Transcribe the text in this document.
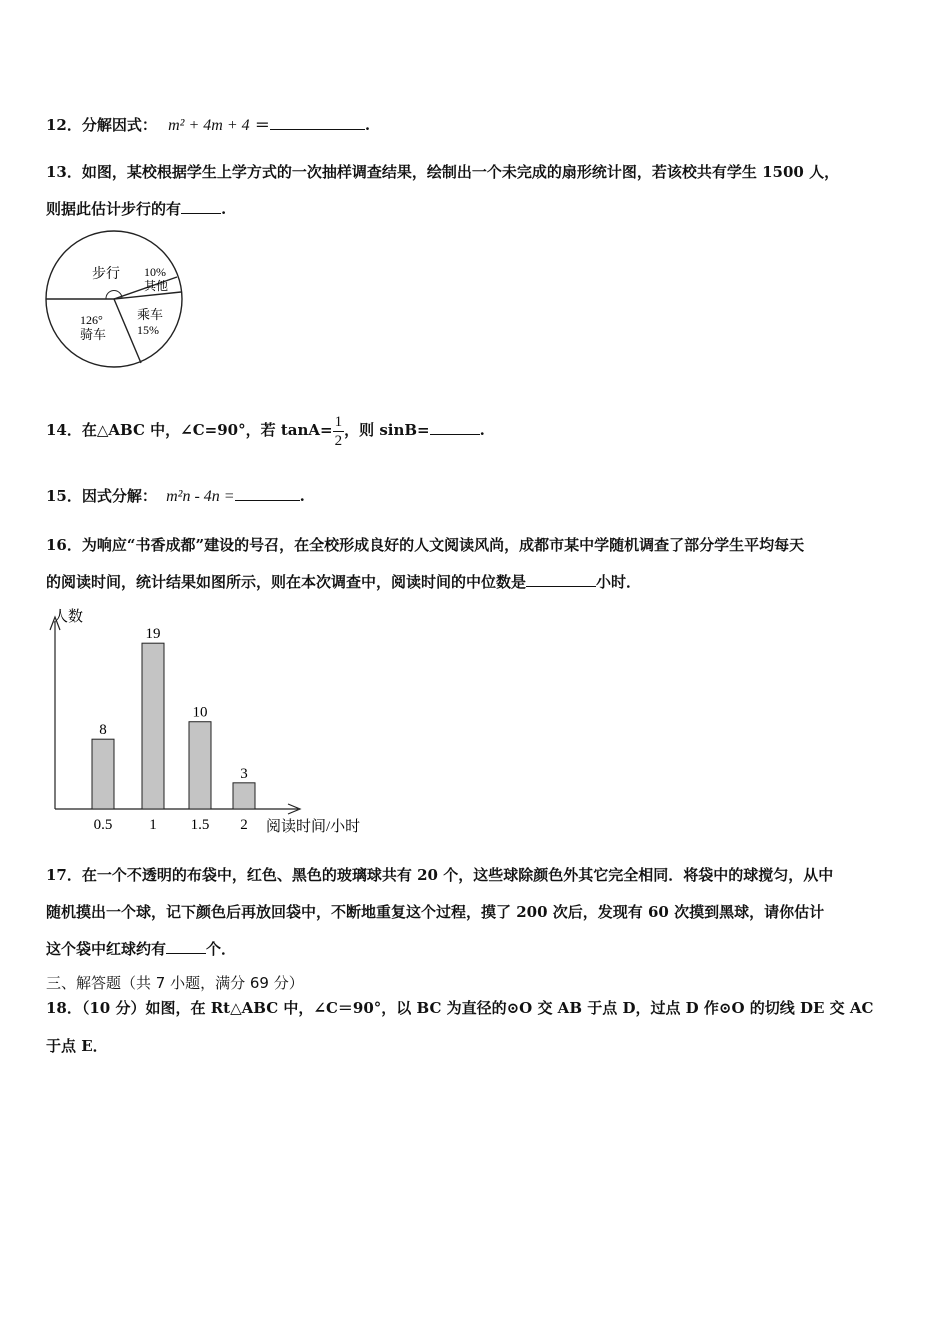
12．分解因式： m² + 4m + 4 ＝	.
13．如图，某校根据学生上学方式的一次抽样调查结果，绘制出一个未完成的扇形统计图，若该校共有学生 1500 人，
则据此估计步行的有	.
步行 10%
其他
乘车
15%
126°
骑车
14．在△ABC 中，∠C=90°，若 $\tan A= \frac{1}{2}$ ，则 sinB=	.
15．因式分解： m²n - 4n =	.
16．为响应“书香成都”建设的号召，在全校形成良好的人文阅读风尚，成都市某中学随机调查了部分学生平均每天
的阅读时间，统计结果如图所示，则在本次调查中，阅读时间的中位数是	小时．
人数
阅读时间/小时
8
0.5
19
1
10
1.5
3
2
17．在一个不透明的布袋中，红色、黑色的玻璃球共有 20 个，这些球除颜色外其它完全相同．将袋中的球搅匀，从中
随机摸出一个球，记下颜色后再放回袋中，不断地重复这个过程，摸了 200 次后，发现有 60 次摸到黑球，请你估计
这个袋中红球约有	个．
三、解答题（共 7 小题，满分 69 分）
18．（10 分）如图，在 Rt△ABC 中，∠C＝90°，以 BC 为直径的⊙O 交 AB 于点 D，过点 D 作⊙O 的切线 DE 交 AC
于点 E．
